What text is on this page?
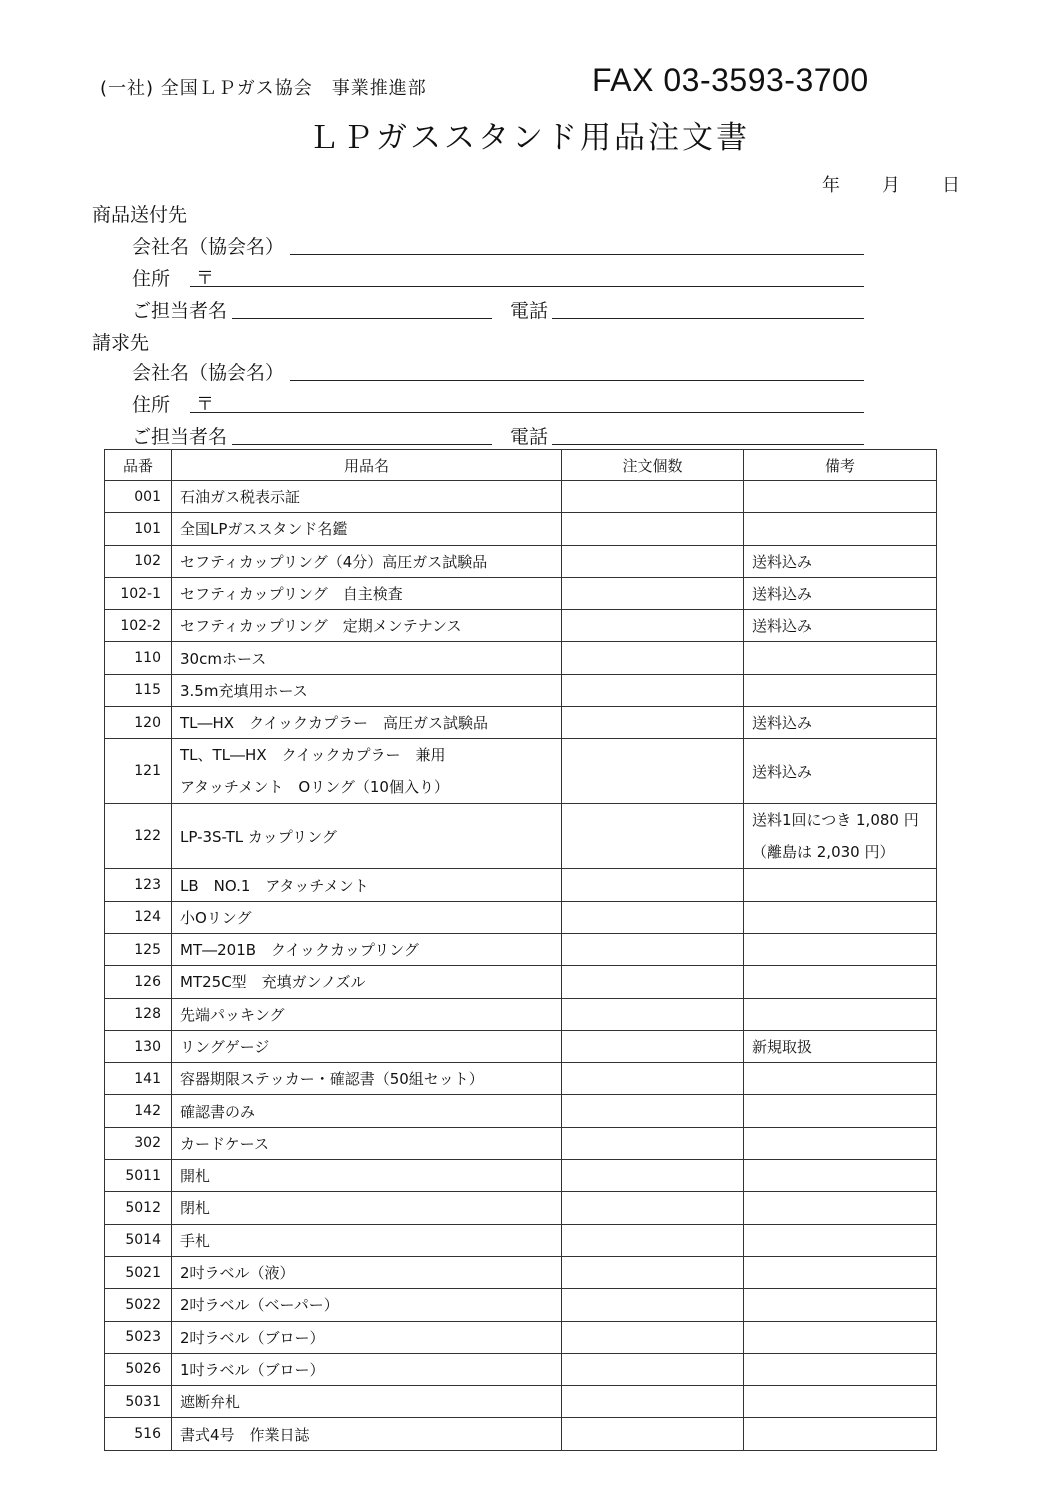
(一社) 全国ＬＰガス協会　事業推進部	FAX 03-3593-3700
ＬＰガススタンド用品注文書
年 月 日
商品送付先
会社名（協会名）
住所 〒
ご担当者名	電話
請求先
会社名（協会名）
住所 〒
ご担当者名	電話
品番	用品名	注文個数	備考
001	石油ガス税表示証		
101	全国LPガススタンド名鑑		
102	セフティカップリング（4分）高圧ガス試験品		送料込み
102-1	セフティカップリング　自主検査		送料込み
102-2	セフティカップリング　定期メンテナンス		送料込み
110	30cmホース		
115	3.5m充填用ホース		
120	TL―HX　クイックカプラー　高圧ガス試験品		送料込み
121	TL、TL―HX　クイックカプラー　兼用
アタッチメント　Oリング（10個入り）		送料込み
122	LP-3S-TL カップリング		送料1回につき 1,080 円
（離島は 2,030 円）

123	LB　NO.1　アタッチメント		
124	小Oリング		
125	MT―201B　クイックカップリング		
126	MT25C型　充填ガンノズル		
128	先端パッキング		
130	リングゲージ		新規取扱
141	容器期限ステッカー・確認書（50組セット）		
142	確認書のみ		
302	カードケース		
5011	開札		
5012	閉札		
5014	手札		
5021	2吋ラベル（液）		
5022	2吋ラベル（ベーパー）		
5023	2吋ラベル（ブロー）		
5026	1吋ラベル（ブロー）		
5031	遮断弁札		
516	書式4号　作業日誌		
